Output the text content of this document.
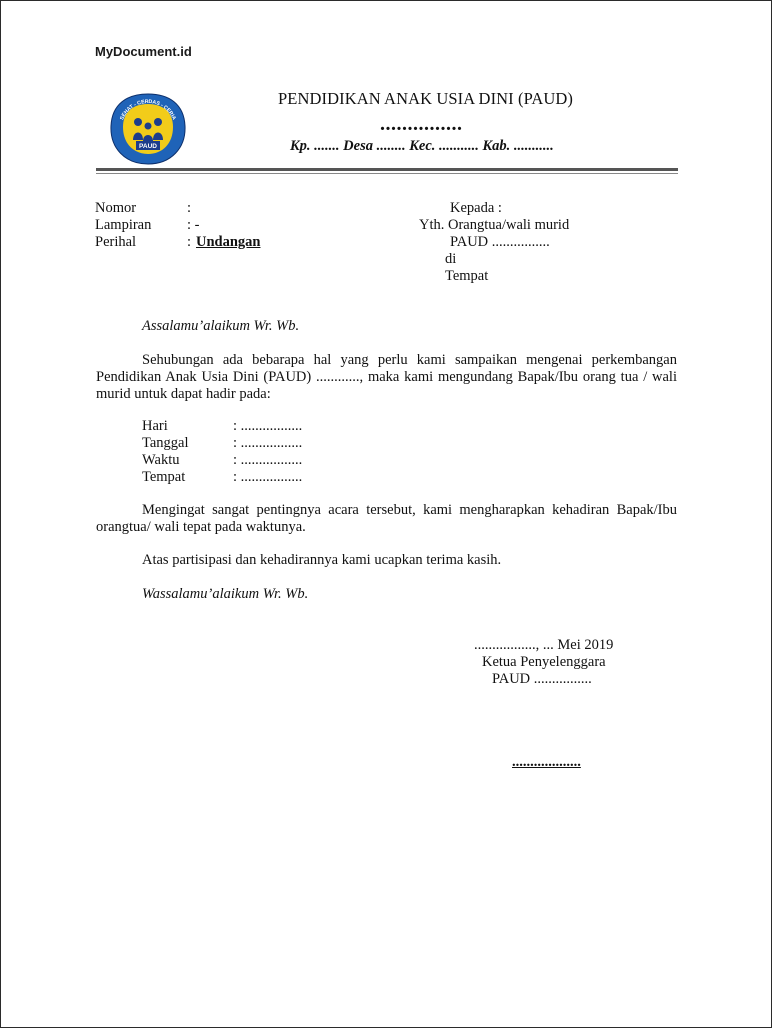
MyDocument.id
SEHAT - CERDAS - CERIA
PAUD
PENDIDIKAN ANAK USIA DINI (PAUD)
...............
Kp. ....... Desa ........ Kec. ........... Kab. ...........
Nomor	:
Lampiran : -
Perihal	: Undangan
Kepada :
Yth. Orangtua/wali murid
PAUD ................
di
Tempat
Assalamu’alaikum Wr. Wb.
Sehubungan ada bebarapa hal yang perlu kami sampaikan mengenai perkembangan Pendidikan Anak Usia Dini (PAUD) ............, maka kami mengundang Bapak/Ibu orang tua / wali murid untuk dapat hadir pada:
Hari	: .................
Tanggal	: .................
Waktu	: .................
Tempat	: .................
Mengingat sangat pentingnya acara tersebut, kami mengharapkan kehadiran Bapak/Ibu orangtua/ wali tepat pada waktunya.
Atas partisipasi dan kehadirannya kami ucapkan terima kasih.
Wassalamu’alaikum Wr. Wb.
................., ... Mei 2019
Ketua Penyelenggara
PAUD ................
...................
